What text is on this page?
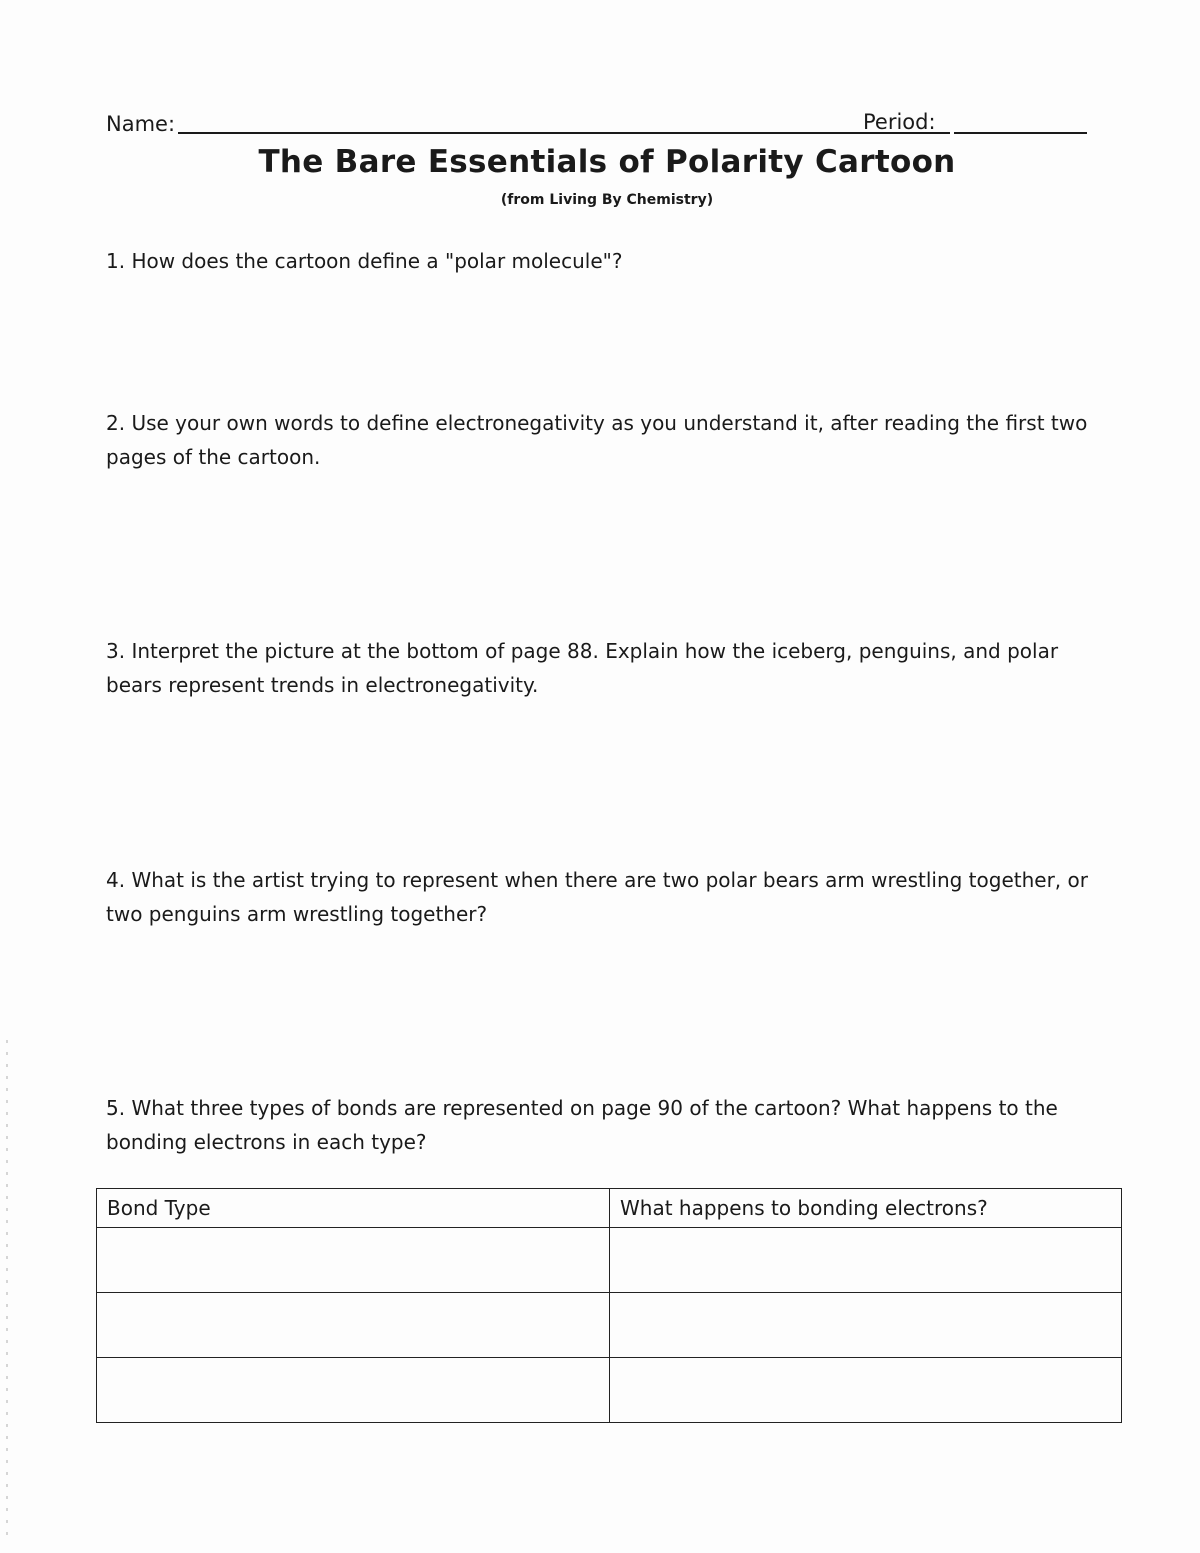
Name:	Period:
The Bare Essentials of Polarity Cartoon
(from Living By Chemistry)
1. How does the cartoon define a "polar molecule"?
2. Use your own words to define electronegativity as you understand it, after reading the first two pages of the cartoon.
3. Interpret the picture at the bottom of page 88. Explain how the iceberg, penguins, and polar bears represent trends in electronegativity.
4. What is the artist trying to represent when there are two polar bears arm wrestling together, or two penguins arm wrestling together?
5. What three types of bonds are represented on page 90 of the cartoon? What happens to the bonding electrons in each type?
Bond Type	What happens to bonding electrons?
